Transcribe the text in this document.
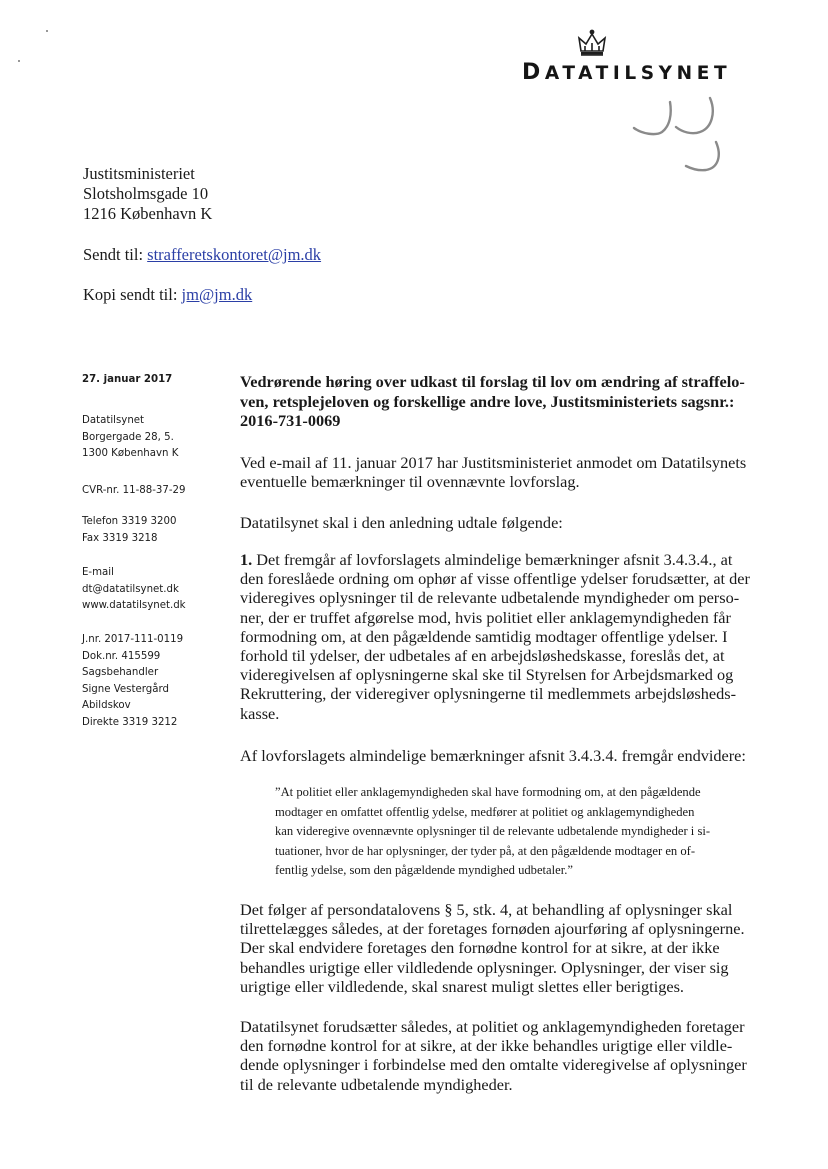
DATATILSYNET
Justitsministeriet
Slotsholmsgade 10
1216 København K
Sendt til: strafferetskontoret@jm.dk
Kopi sendt til: jm@jm.dk
27. januar 2017
Datatilsynet
Borgergade 28, 5.
1300 København K
CVR-nr. 11-88-37-29
Telefon 3319 3200
Fax 3319 3218
E-mail
dt@datatilsynet.dk
www.datatilsynet.dk
J.nr. 2017-111-0119
Dok.nr. 415599
Sagsbehandler
Signe Vestergård
Abildskov
Direkte 3319 3212
Vedrørende høring over udkast til forslag til lov om ændring af straffelo-
ven, retsplejeloven og forskellige andre love, Justitsministeriets sagsnr.:
2016-731-0069
Ved e-mail af 11. januar 2017 har Justitsministeriet anmodet om Datatilsynets
eventuelle bemærkninger til ovennævnte lovforslag.
Datatilsynet skal i den anledning udtale følgende:
1. Det fremgår af lovforslagets almindelige bemærkninger afsnit 3.4.3.4., at
den foreslåede ordning om ophør af visse offentlige ydelser forudsætter, at der
videregives oplysninger til de relevante udbetalende myndigheder om perso-
ner, der er truffet afgørelse mod, hvis politiet eller anklagemyndigheden får
formodning om, at den pågældende samtidig modtager offentlige ydelser. I
forhold til ydelser, der udbetales af en arbejdsløshedskasse, foreslås det, at
videregivelsen af oplysningerne skal ske til Styrelsen for Arbejdsmarked og
Rekruttering, der videregiver oplysningerne til medlemmets arbejdsløsheds-
kasse.
Af lovforslagets almindelige bemærkninger afsnit 3.4.3.4. fremgår endvidere:
”At politiet eller anklagemyndigheden skal have formodning om, at den pågældende
modtager en omfattet offentlig ydelse, medfører at politiet og anklagemyndigheden
kan videregive ovennævnte oplysninger til de relevante udbetalende myndigheder i si-
tuationer, hvor de har oplysninger, der tyder på, at den pågældende modtager en of-
fentlig ydelse, som den pågældende myndighed udbetaler.”
Det følger af persondatalovens § 5, stk. 4, at behandling af oplysninger skal
tilrettelægges således, at der foretages fornøden ajourføring af oplysningerne.
Der skal endvidere foretages den fornødne kontrol for at sikre, at der ikke
behandles urigtige eller vildledende oplysninger. Oplysninger, der viser sig
urigtige eller vildledende, skal snarest muligt slettes eller berigtiges.
Datatilsynet forudsætter således, at politiet og anklagemyndigheden foretager
den fornødne kontrol for at sikre, at der ikke behandles urigtige eller vildle-
dende oplysninger i forbindelse med den omtalte videregivelse af oplysninger
til de relevante udbetalende myndigheder.
